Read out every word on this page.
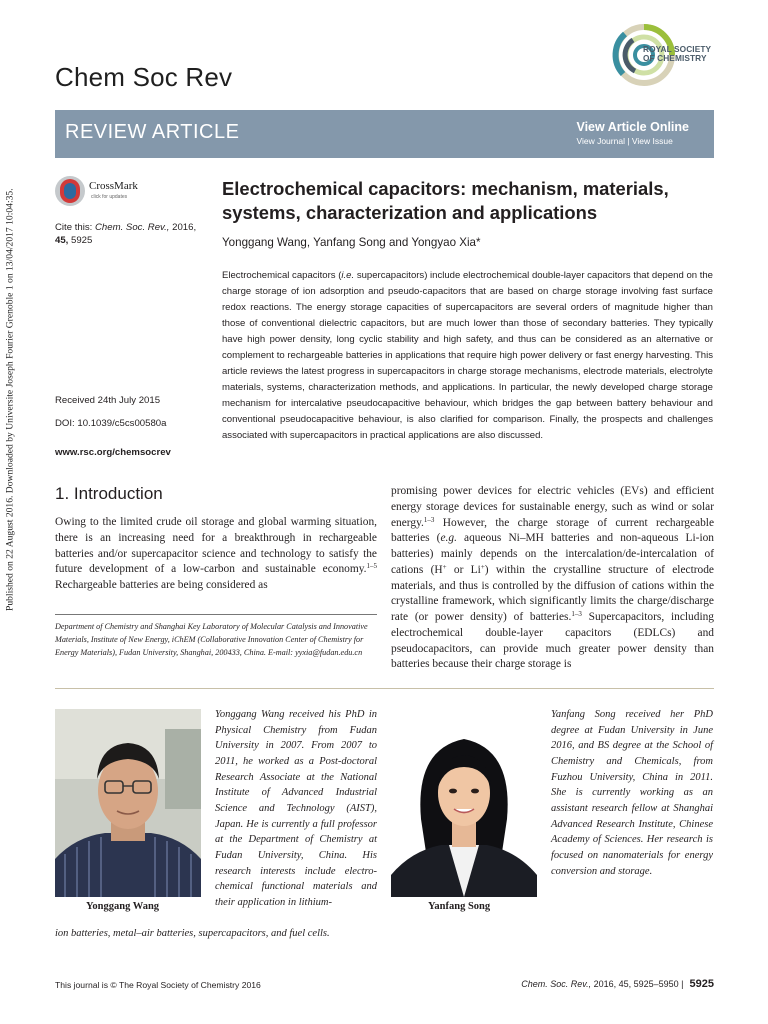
Published on 22 August 2016. Downloaded by Universite Joseph Fourier Grenoble 1 on 13/04/2017 10:04:35.
Chem Soc Rev
ROYAL SOCIETY
OF CHEMISTRY
REVIEW ARTICLE	View Article Online
View Journal | View Issue
CrossMark
click for updates
Cite this: Chem. Soc. Rev., 2016,
45, 5925
Received 24th July 2015
DOI: 10.1039/c5cs00580a
www.rsc.org/chemsocrev
Electrochemical capacitors: mechanism, materials, systems, characterization and applications
Yonggang Wang, Yanfang Song and Yongyao Xia*
Electrochemical capacitors (i.e. supercapacitors) include electrochemical double-layer capacitors that depend on the charge storage of ion adsorption and pseudo-capacitors that are based on charge storage involving fast surface redox reactions. The energy storage capacities of supercapacitors are several orders of magnitude higher than those of conventional dielectric capacitors, but are much lower than those of secondary batteries. They typically have high power density, long cyclic stability and high safety, and thus can be considered as an alternative or complement to rechargeable batteries in applications that require high power delivery or fast energy harvesting. This article reviews the latest progress in supercapacitors in charge storage mechanisms, electrode materials, electrolyte materials, systems, characterization methods, and applications. In particular, the newly developed charge storage mechanism for intercalative pseudocapacitive behaviour, which bridges the gap between battery behaviour and conventional pseudocapacitive behaviour, is also clarified for comparison. Finally, the prospects and challenges associated with supercapacitors in practical applications are also discussed.
1. Introduction
Owing to the limited crude oil storage and global warming situation, there is an increasing need for a breakthrough in rechargeable batteries and/or supercapacitor science and technology to satisfy the future development of a low-carbon and sustainable economy.$^{1-5}$ Rechargeable batteries are being considered as
Department of Chemistry and Shanghai Key Laboratory of Molecular Catalysis and Innovative Materials, Institute of New Energy, iChEM (Collaborative Innovation Center of Chemistry for Energy Materials), Fudan University, Shanghai, 200433, China. E-mail: yyxia@fudan.edu.cn
promising power devices for electric vehicles (EVs) and efficient energy storage devices for sustainable energy, such as wind or solar energy.$^{1-3}$ However, the charge storage of current rechargeable batteries (e.g. aqueous Ni–MH batteries and non-aqueous Li-ion batteries) mainly depends on the intercalation/de-intercalation of cations (H+ or Li+) within the crystalline structure of electrode materials, and thus is controlled by the diffusion of cations within the crystalline framework, which significantly limits the charge/discharge rate (or power density) of batteries.$^{1-3}$ Supercapacitors, including electrochemical double-layer capacitors (EDLCs) and pseudocapacitors, can provide much greater power density than batteries because their charge storage is
Yonggang Wang
Yonggang Wang received his PhD in Physical Chemistry from Fudan University in 2007. From 2007 to 2011, he worked as a Post-doctoral Research Associate at the National Institute of Advanced Industrial Science and Technology (AIST), Japan. He is currently a full professor at the Department of Chemistry at Fudan University, China. His research interests include electro-chemical functional materials and their application in lithium-
ion batteries, metal–air batteries, supercapacitors, and fuel cells.
Yanfang Song
Yanfang Song received her PhD degree at Fudan University in June 2016, and BS degree at the School of Chemistry and Chemicals, from Fuzhou University, China in 2011. She is currently working as an assistant research fellow at Shanghai Advanced Research Institute, Chinese Academy of Sciences. Her research is focused on nanomaterials for energy conversion and storage.
This journal is © The Royal Society of Chemistry 2016	Chem. Soc. Rev., 2016, 45, 5925–5950 | 5925
